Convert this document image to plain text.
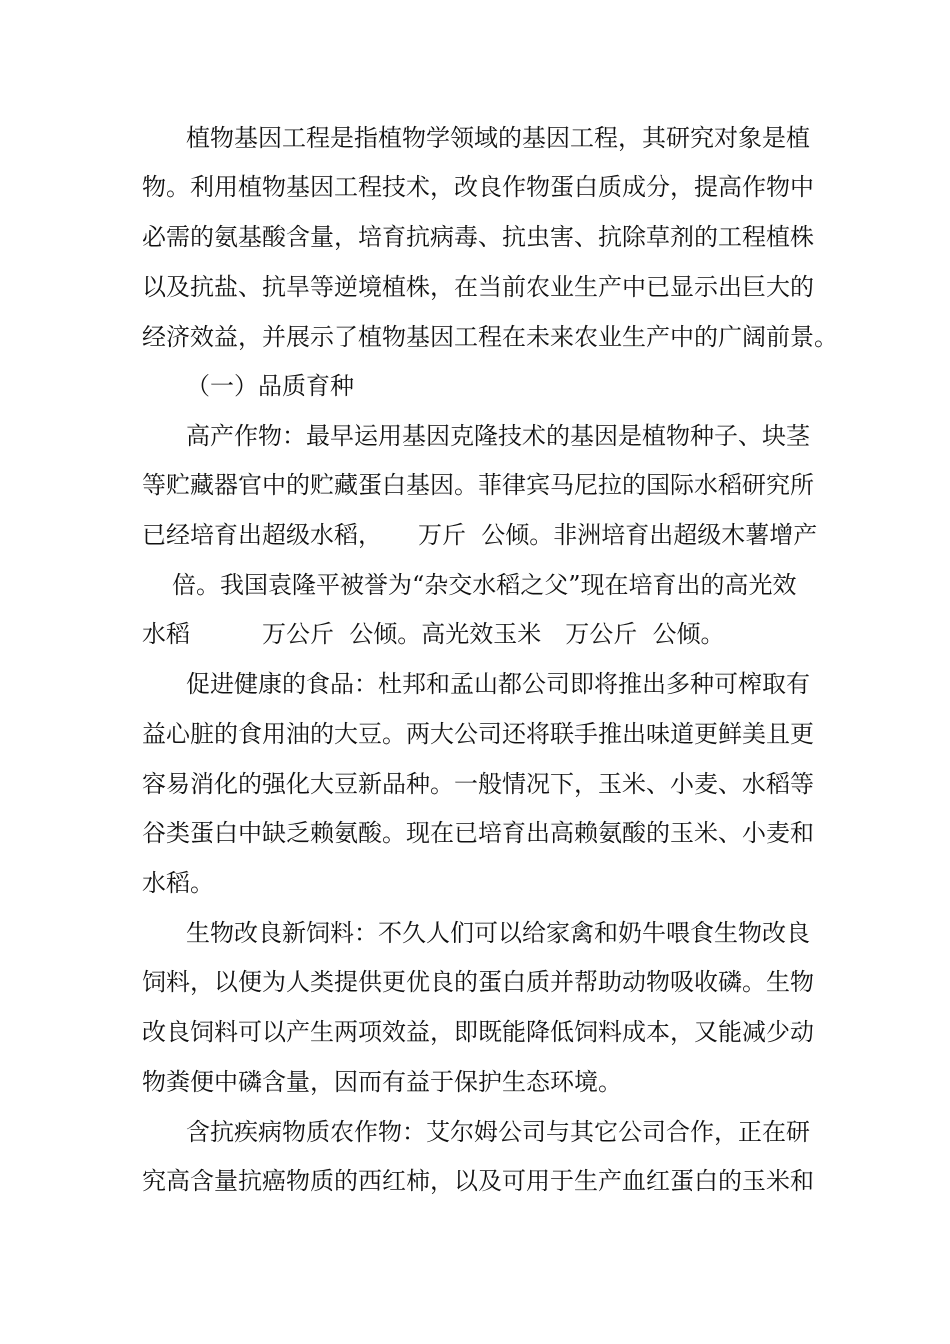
植物基因工程是指植物学领域的基因工程，其研究对象是植
物。利用植物基因工程技术，改良作物蛋白质成分，提高作物中
必需的氨基酸含量，培育抗病毒、抗虫害、抗除草剂的工程植株
以及抗盐、抗旱等逆境植株，在当前农业生产中已显示出巨大的
经济效益，并展示了植物基因工程在未来农业生产中的广阔前景。
（一）品质育种
高产作物：最早运用基因克隆技术的基因是植物种子、块茎
等贮藏器官中的贮藏蛋白基因。菲律宾马尼拉的国际水稻研究所
已经培育出超级水稻，　　万斤  公倾。非洲培育出超级木薯增产
倍。我国袁隆平被誉为“杂交水稻之父”现在培育出的高光效
水稻　　　万公斤  公倾。高光效玉米　万公斤  公倾。
促进健康的食品：杜邦和孟山都公司即将推出多种可榨取有
益心脏的食用油的大豆。两大公司还将联手推出味道更鲜美且更
容易消化的强化大豆新品种。一般情况下，玉米、小麦、水稻等
谷类蛋白中缺乏赖氨酸。现在已培育出高赖氨酸的玉米、小麦和
水稻。
生物改良新饲料：不久人们可以给家禽和奶牛喂食生物改良
饲料，以便为人类提供更优良的蛋白质并帮助动物吸收磷。生物
改良饲料可以产生两项效益，即既能降低饲料成本，又能减少动
物粪便中磷含量，因而有益于保护生态环境。
含抗疾病物质农作物：艾尔姆公司与其它公司合作，正在研
究高含量抗癌物质的西红柿，以及可用于生产血红蛋白的玉米和
